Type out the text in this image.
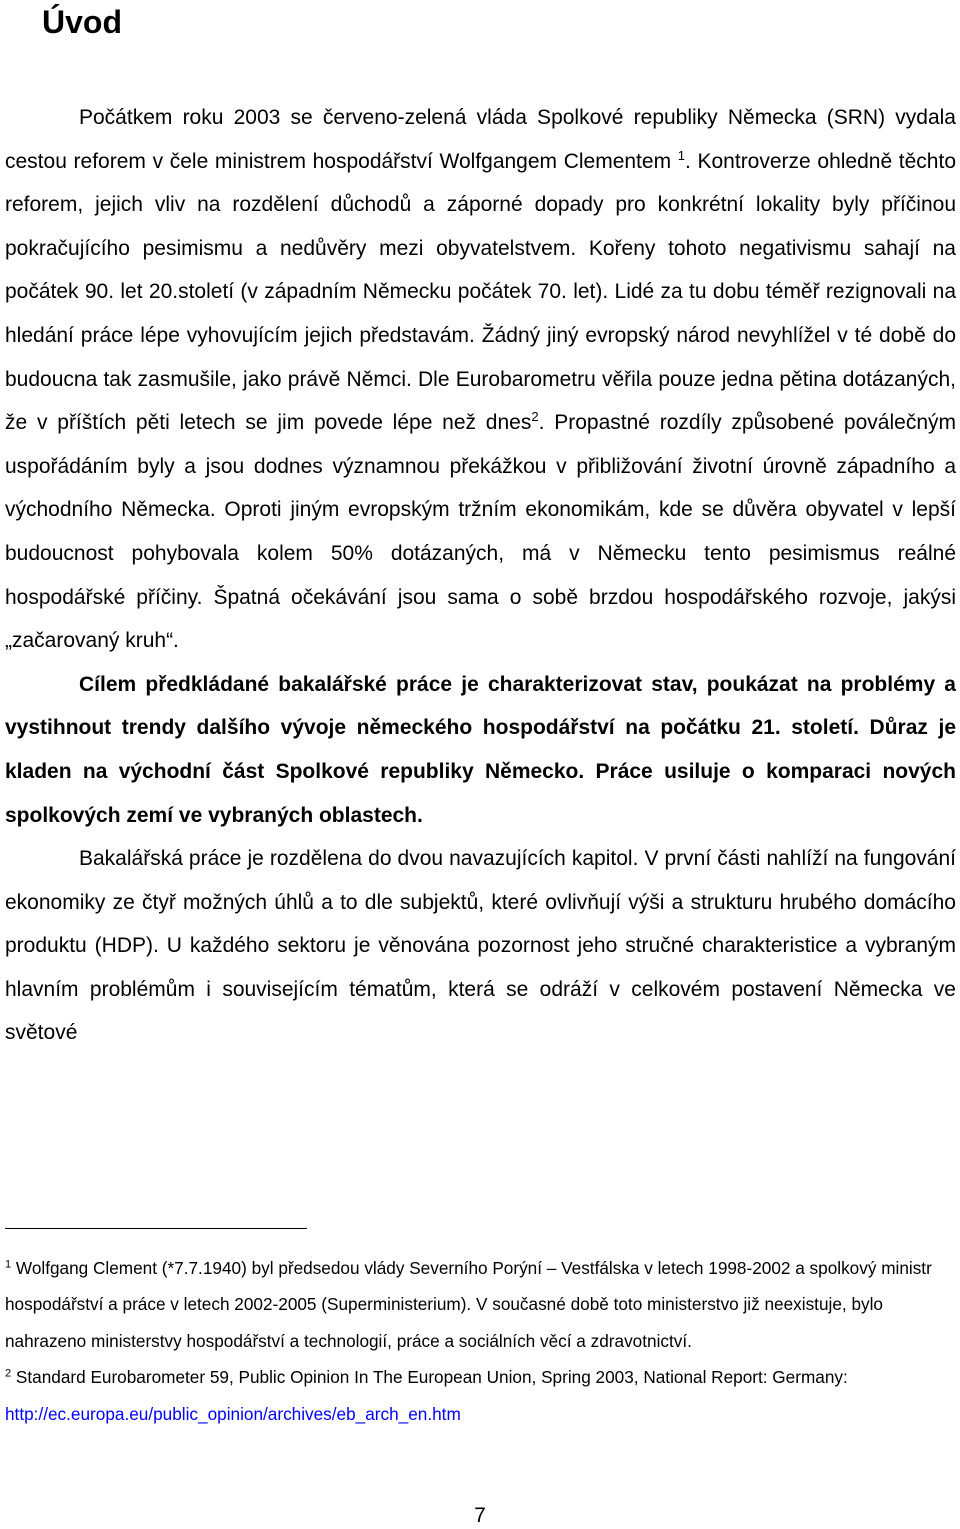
Úvod

Počátkem roku 2003 se červeno-zelená vláda Spolkové republiky Německa (SRN) vydala cestou reforem v čele ministrem hospodářství Wolfgangem Clementem $^1$. Kontroverze ohledně těchto reforem, jejich vliv na rozdělení důchodů a záporné dopady pro konkrétní lokality byly příčinou pokračujícího pesimismu a nedůvěry mezi obyvatelstvem. Kořeny tohoto negativismu sahají na počátek 90. let 20.století (v západním Německu počátek 70. let). Lidé za tu dobu téměř rezignovali na hledání práce lépe vyhovujícím jejich představám. Žádný jiný evropský národ nevyhlížel v té době do budoucna tak zasmušile, jako právě Němci. Dle Eurobarometru věřila pouze jedna pětina dotázaných, že v příštích pěti letech se jim povede lépe než dnes$^2$. Propastné rozdíly způsobené poválečným uspořádáním byly a jsou dodnes významnou překážkou v přibližování životní úrovně západního a východního Německa. Oproti jiným evropským tržním ekonomikám, kde se důvěra obyvatel v lepší budoucnost pohybovala kolem 50% dotázaných, má v Německu tento pesimismus reálné hospodářské příčiny. Špatná očekávání jsou sama o sobě brzdou hospodářského rozvoje, jakýsi „začarovaný kruh“.

Cílem předkládané bakalářské práce je charakterizovat stav, poukázat na problémy a vystihnout trendy dalšího vývoje německého hospodářství na počátku 21. století. Důraz je kladen na východní část Spolkové republiky Německo. Práce usiluje o komparaci nových spolkových zemí ve vybraných oblastech.

Bakalářská práce je rozdělena do dvou navazujících kapitol. V první části nahlíží na fungování ekonomiky ze čtyř možných úhlů a to dle subjektů, které ovlivňují výši a strukturu hrubého domácího produktu (HDP). U každého sektoru je věnována pozornost jeho stručné charakteristice a vybraným hlavním problémům i souvisejícím tématům, která se odráží v celkovém postavení Německa ve světové

$^1$ Wolfgang Clement (*7.7.1940) byl předsedou vlády Severního Porýní – Vestfálska v letech 1998-2002 a spolkový ministr hospodářství a práce v letech 2002-2005 (Superministerium). V současné době toto ministerstvo již neexistuje, bylo nahrazeno ministerstvy hospodářství a technologií, práce a sociálních věcí a zdravotnictví.

$^2$ Standard Eurobarometer 59, Public Opinion In The European Union, Spring 2003, National Report: Germany: http://ec.europa.eu/public_opinion/archives/eb_arch_en.htm

7
